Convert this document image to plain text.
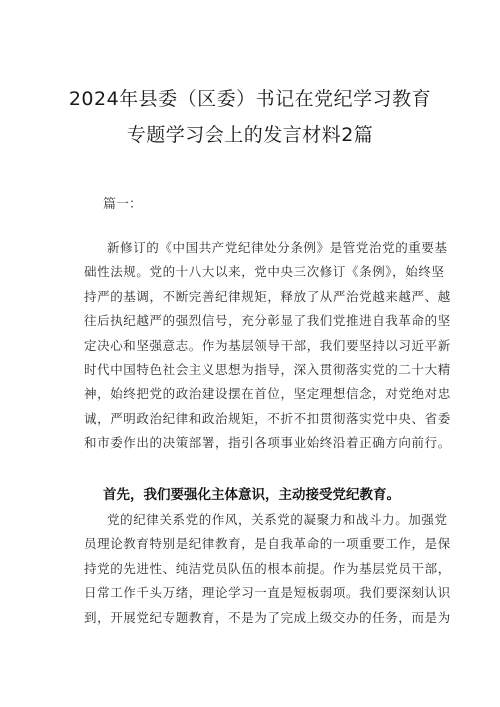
2024年县委（区委）书记在党纪学习教育
专题学习会上的发言材料2篇
篇一：
新修订的《中国共产党纪律处分条例》是管党治党的重要基
础性法规。党的十八大以来，党中央三次修订《条例》，始终坚
持严的基调，不断完善纪律规矩，释放了从严治党越来越严、越
往后执纪越严的强烈信号，充分彰显了我们党推进自我革命的坚
定决心和坚强意志。作为基层领导干部，我们要坚持以习近平新
时代中国特色社会主义思想为指导，深入贯彻落实党的二十大精
神，始终把党的政治建设摆在首位，坚定理想信念，对党绝对忠
诚，严明政治纪律和政治规矩，不折不扣贯彻落实党中央、省委
和市委作出的决策部署，指引各项事业始终沿着正确方向前行。
首先，我们要强化主体意识，主动接受党纪教育。
党的纪律关系党的作风，关系党的凝聚力和战斗力。加强党
员理论教育特别是纪律教育，是自我革命的一项重要工作，是保
持党的先进性、纯洁党员队伍的根本前提。作为基层党员干部，
日常工作千头万绪，理论学习一直是短板弱项。我们要深刻认识
到，开展党纪专题教育，不是为了完成上级交办的任务，而是为
